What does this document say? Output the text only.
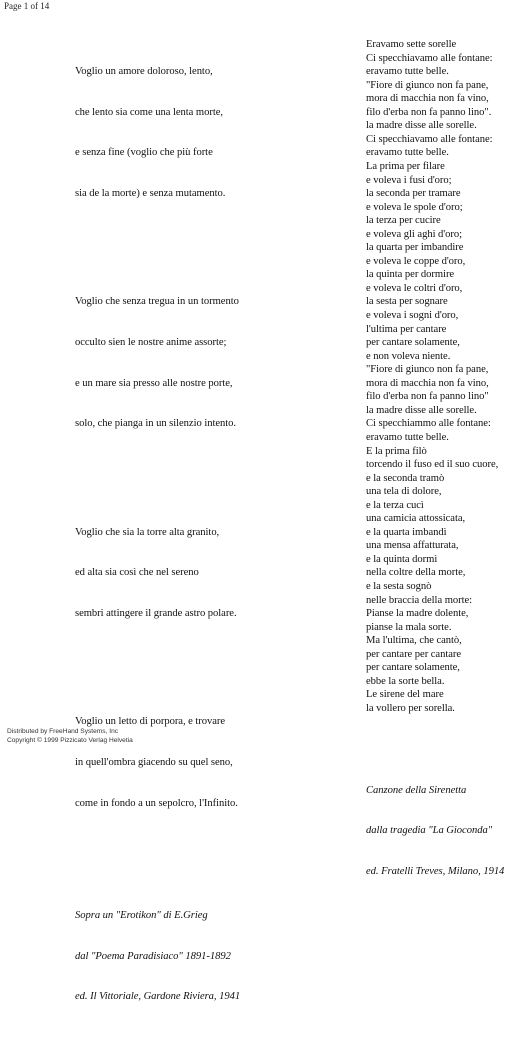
Page 1 of 14

Voglio un amore doloroso, lento,

che lento sia come una lenta morte,

e senza fine (voglio che più forte

sia de la morte) e senza mutamento.

Voglio che senza tregua in un tormento

occulto sien le nostre anime assorte;

e un mare sia presso alle nostre porte,

solo, che pianga in un silenzio intento.

Voglio che sia la torre alta granito,

ed alta sia così che nel sereno

sembri attingere il grande astro polare.

Voglio un letto di porpora, e trovare

in quell'ombra giacendo su quel seno,

come in fondo a un sepolcro, l'Infinito.

Sopra un "Erotikon" di E.Grieg

dal "Poema Paradisiaco" 1891-1892

ed. Il Vittoriale, Gardone Riviera, 1941

Eravamo sette sorelle
Ci specchiavamo alle fontane:
eravamo tutte belle.
"Fiore di giunco non fa pane,
mora di macchia non fa vino,
filo d'erba non fa panno lino".
la madre disse alle sorelle.
Ci specchiavamo alle fontane:
eravamo tutte belle.
La prima per filare
e voleva i fusi d'oro;
la seconda per tramare
e voleva le spole d'oro;
la terza per cucire
e voleva gli aghi d'oro;
la quarta per imbandire
e voleva le coppe d'oro,
la quinta per dormire
e voleva le coltri d'oro,
la sesta per sognare
e voleva i sogni d'oro,
l'ultima per cantare
per cantare solamente,
e non voleva niente.
"Fiore di giunco non fa pane,
mora di macchia non fa vino,
filo d'erba non fa panno lino"
la madre disse alle sorelle.
Ci specchiammo alle fontane:
eravamo tutte belle.
E la prima filò
torcendo il fuso ed il suo cuore,
e la seconda tramò
una tela di dolore,
e la terza cucì
una camicia attossicata,
e la quarta imbandì
una mensa affatturata,
e la quinta dormì
nella coltre della morte,
e la sesta sognò
nelle braccia della morte:
Pianse la madre dolente,
pianse la mala sorte.
Ma l'ultima, che cantò,
per cantare per cantare
per cantare solamente,
ebbe la sorte bella.
Le sirene del mare
la vollero per sorella.

Canzone della Sirenetta

dalla tragedia "La Gioconda"

ed. Fratelli Treves, Milano, 1914

Distributed by FreeHand Systems, Inc
Copyright © 1999 Pizzicato Verlag Helvetia
